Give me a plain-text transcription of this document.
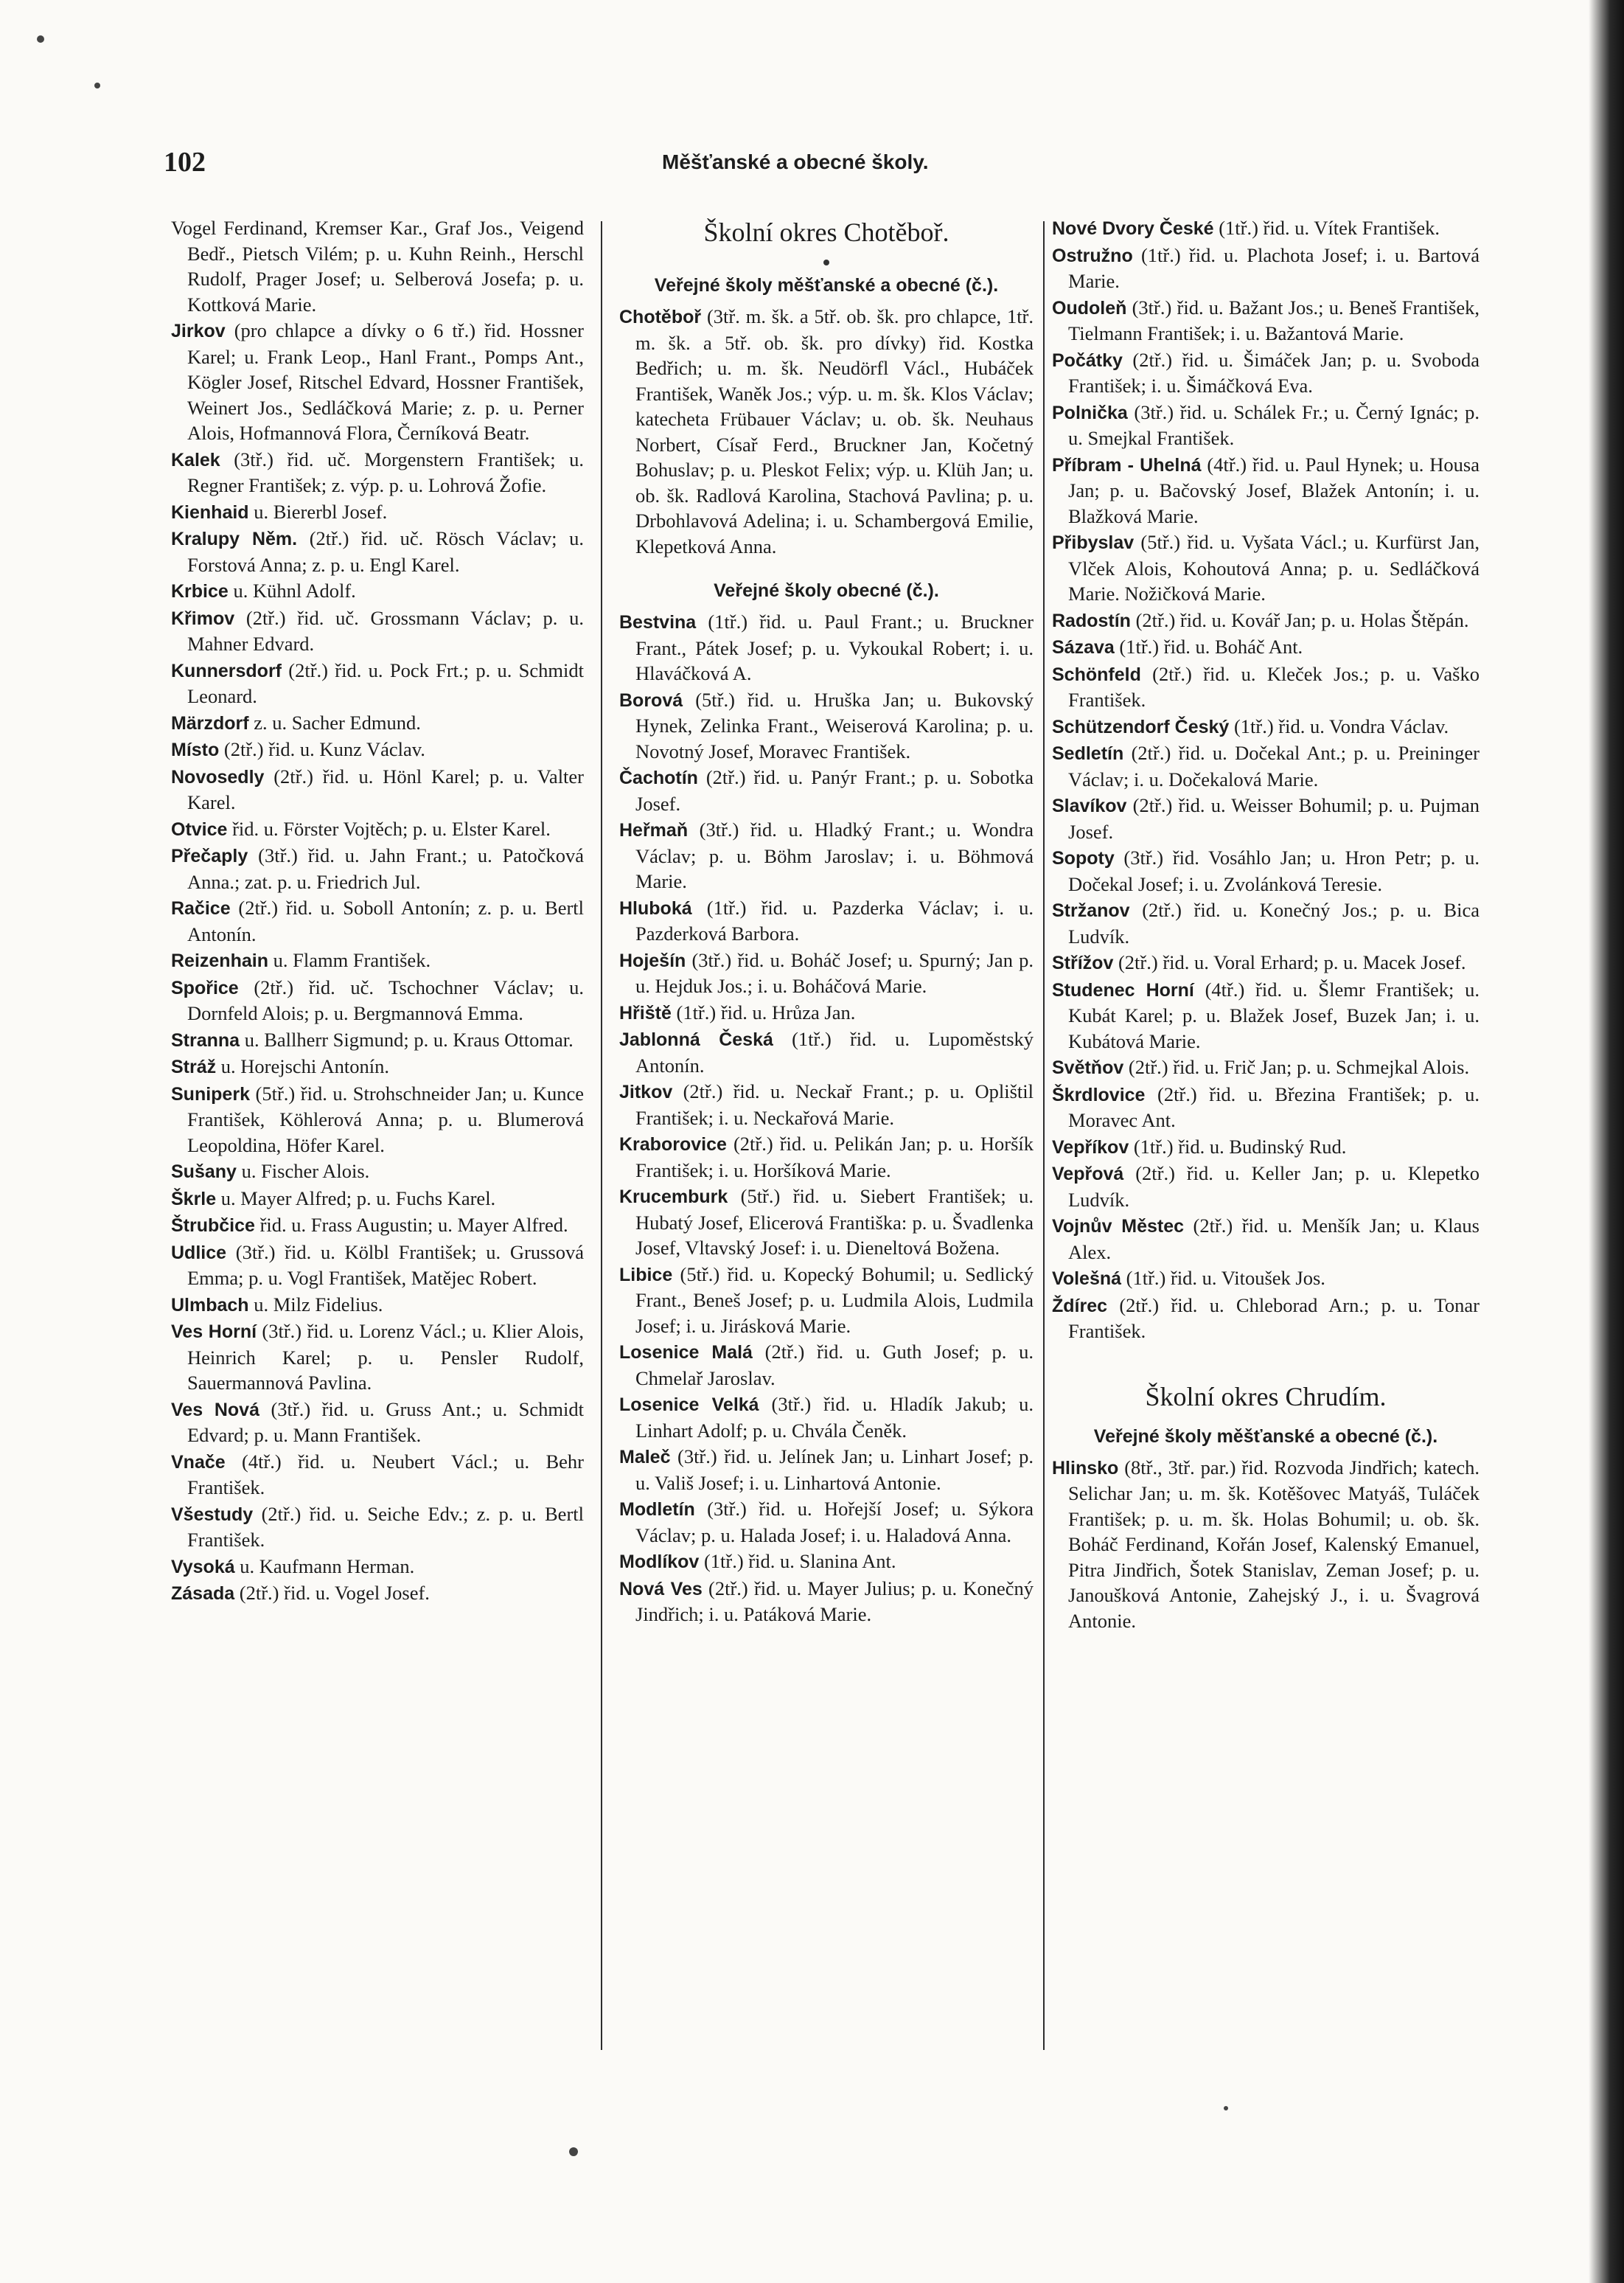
102	Měšťanské a obecné školy.

Vogel Ferdinand, Kremser Kar., Graf Jos., Veigend Bedř., Pietsch Vilém; p. u. Kuhn Reinh., Herschl Rudolf, Prager Josef; u. Selberová Josefa; p. u. Kottková Marie.

Jirkov (pro chlapce a dívky o 6 tř.) řid. Hossner Karel; u. Frank Leop., Hanl Frant., Pomps Ant., Kögler Josef, Ritschel Edvard, Hossner František, Weinert Jos., Sedláčková Marie; z. p. u. Perner Alois, Hofmannová Flora, Černíková Beatr.

Kalek (3tř.) řid. uč. Morgenstern František; u. Regner František; z. výp. p. u. Lohrová Žofie.

Kienhaid u. Biererbl Josef.

Kralupy Něm. (2tř.) řid. uč. Rösch Václav; u. Forstová Anna; z. p. u. Engl Karel.

Krbice u. Kühnl Adolf.

Křimov (2tř.) řid. uč. Grossmann Václav; p. u. Mahner Edvard.

Kunnersdorf (2tř.) řid. u. Pock Frt.; p. u. Schmidt Leonard.

Märzdorf z. u. Sacher Edmund.

Místo (2tř.) řid. u. Kunz Václav.

Novosedly (2tř.) řid. u. Hönl Karel; p. u. Valter Karel.

Otvice řid. u. Förster Vojtěch; p. u. Elster Karel.

Přečaply (3tř.) řid. u. Jahn Frant.; u. Patočková Anna.; zat. p. u. Friedrich Jul.

Račice (2tř.) řid. u. Soboll Antonín; z. p. u. Bertl Antonín.

Reizenhain u. Flamm František.

Spořice (2tř.) řid. uč. Tschochner Václav; u. Dornfeld Alois; p. u. Bergmannová Emma.

Stranna u. Ballherr Sigmund; p. u. Kraus Ottomar.

Stráž u. Horejschi Antonín.

Suniperk (5tř.) řid. u. Strohschneider Jan; u. Kunce František, Köhlerová Anna; p. u. Blumerová Leopoldina, Höfer Karel.

Sušany u. Fischer Alois.

Škrle u. Mayer Alfred; p. u. Fuchs Karel.

Štrubčice řid. u. Frass Augustin; u. Mayer Alfred.

Udlice (3tř.) řid. u. Kölbl František; u. Grussová Emma; p. u. Vogl František, Matějec Robert.

Ulmbach u. Milz Fidelius.

Ves Horní (3tř.) řid. u. Lorenz Václ.; u. Klier Alois, Heinrich Karel; p. u. Pensler Rudolf, Sauermannová Pavlina.

Ves Nová (3tř.) řid. u. Gruss Ant.; u. Schmidt Edvard; p. u. Mann František.

Vnače (4tř.) řid. u. Neubert Václ.; u. Behr František.

Všestudy (2tř.) řid. u. Seiche Edv.; z. p. u. Bertl František.

Vysoká u. Kaufmann Herman.

Zásada (2tř.) řid. u. Vogel Josef.

Školní okres Chotěboř.
Veřejné školy měšťanské a obecné (č.).

Chotěboř (3tř. m. šk. a 5tř. ob. šk. pro chlapce, 1tř. m. šk. a 5tř. ob. šk. pro dívky) řid. Kostka Bedřich; u. m. šk. Neudörfl Václ., Hubáček František, Waněk Jos.; výp. u. m. šk. Klos Václav; katecheta Frübauer Václav; u. ob. šk. Neuhaus Norbert, Císař Ferd., Bruckner Jan, Kočetný Bohuslav; p. u. Pleskot Felix; výp. u. Klüh Jan; u. ob. šk. Radlová Karolina, Stachová Pavlina; p. u. Drbohlavová Adelina; i. u. Schambergová Emilie, Klepetková Anna.

Veřejné školy obecné (č.).

Bestvina (1tř.) řid. u. Paul Frant.; u. Bruckner Frant., Pátek Josef; p. u. Vykoukal Robert; i. u. Hlaváčková A.

Borová (5tř.) řid. u. Hruška Jan; u. Bukovský Hynek, Zelinka Frant., Weiserová Karolina; p. u. Novotný Josef, Moravec František.

Čachotín (2tř.) řid. u. Panýr Frant.; p. u. Sobotka Josef.

Heřmaň (3tř.) řid. u. Hladký Frant.; u. Wondra Václav; p. u. Böhm Jaroslav; i. u. Böhmová Marie.

Hluboká (1tř.) řid. u. Pazderka Václav; i. u. Pazderková Barbora.

Hoješín (3tř.) řid. u. Boháč Josef; u. Spurný; Jan p. u. Hejduk Jos.; i. u. Boháčová Marie.

Hřiště (1tř.) řid. u. Hrůza Jan.

Jablonná Česká (1tř.) řid. u. Lupoměstský Antonín.

Jitkov (2tř.) řid. u. Neckař Frant.; p. u. Oplištil František; i. u. Neckařová Marie.

Kraborovice (2tř.) řid. u. Pelikán Jan; p. u. Horšík František; i. u. Horšíková Marie.

Krucemburk (5tř.) řid. u. Siebert František; u. Hubatý Josef, Elicerová Františka: p. u. Švadlenka Josef, Vltavský Josef: i. u. Dieneltová Božena.

Libice (5tř.) řid. u. Kopecký Bohumil; u. Sedlický Frant., Beneš Josef; p. u. Ludmila Alois, Ludmila Josef; i. u. Jirásková Marie.

Losenice Malá (2tř.) řid. u. Guth Josef; p. u. Chmelař Jaroslav.

Losenice Velká (3tř.) řid. u. Hladík Jakub; u. Linhart Adolf; p. u. Chvála Čeněk.

Maleč (3tř.) řid. u. Jelínek Jan; u. Linhart Josef; p. u. Vališ Josef; i. u. Linhartová Antonie.

Modletín (3tř.) řid. u. Hořejší Josef; u. Sýkora Václav; p. u. Halada Josef; i. u. Haladová Anna.

Modlíkov (1tř.) řid. u. Slanina Ant.

Nová Ves (2tř.) řid. u. Mayer Julius; p. u. Konečný Jindřich; i. u. Patáková Marie.

Nové Dvory České (1tř.) řid. u. Vítek František.

Ostružno (1tř.) řid. u. Plachota Josef; i. u. Bartová Marie.

Oudoleň (3tř.) řid. u. Bažant Jos.; u. Beneš František, Tielmann František; i. u. Bažantová Marie.

Počátky (2tř.) řid. u. Šimáček Jan; p. u. Svoboda František; i. u. Šimáčková Eva.

Polnička (3tř.) řid. u. Schálek Fr.; u. Černý Ignác; p. u. Smejkal František.

Příbram - Uhelná (4tř.) řid. u. Paul Hynek; u. Housa Jan; p. u. Bačovský Josef, Blažek Antonín; i. u. Blažková Marie.

Přibyslav (5tř.) řid. u. Vyšata Václ.; u. Kurfürst Jan, Vlček Alois, Kohoutová Anna; p. u. Sedláčková Marie. Nožičková Marie.

Radostín (2tř.) řid. u. Kovář Jan; p. u. Holas Štěpán.

Sázava (1tř.) řid. u. Boháč Ant.

Schönfeld (2tř.) řid. u. Kleček Jos.; p. u. Vaško František.

Schützendorf Český (1tř.) řid. u. Vondra Václav.

Sedletín (2tř.) řid. u. Dočekal Ant.; p. u. Preininger Václav; i. u. Dočekalová Marie.

Slavíkov (2tř.) řid. u. Weisser Bohumil; p. u. Pujman Josef.

Sopoty (3tř.) řid. Vosáhlo Jan; u. Hron Petr; p. u. Dočekal Josef; i. u. Zvolánková Teresie.

Stržanov (2tř.) řid. u. Konečný Jos.; p. u. Bica Ludvík.

Střížov (2tř.) řid. u. Voral Erhard; p. u. Macek Josef.

Studenec Horní (4tř.) řid. u. Šlemr František; u. Kubát Karel; p. u. Blažek Josef, Buzek Jan; i. u. Kubátová Marie.

Světňov (2tř.) řid. u. Frič Jan; p. u. Schmejkal Alois.

Škrdlovice (2tř.) řid. u. Březina František; p. u. Moravec Ant.

Vepříkov (1tř.) řid. u. Budinský Rud.

Vepřová (2tř.) řid. u. Keller Jan; p. u. Klepetko Ludvík.

Vojnův Městec (2tř.) řid. u. Menšík Jan; u. Klaus Alex.

Volešná (1tř.) řid. u. Vitoušek Jos.

Ždírec (2tř.) řid. u. Chleborad Arn.; p. u. Tonar František.

Školní okres Chrudím.
Veřejné školy měšťanské a obecné (č.).

Hlinsko (8tř., 3tř. par.) řid. Rozvoda Jindřich; katech. Selichar Jan; u. m. šk. Kotěšovec Matyáš, Tuláček František; p. u. m. šk. Holas Bohumil; u. ob. šk. Boháč Ferdinand, Kořán Josef, Kalenský Emanuel, Pitra Jindřich, Šotek Stanislav, Zeman Josef; p. u. Janoušková Antonie, Zahejský J., i. u. Švagrová Antonie.
